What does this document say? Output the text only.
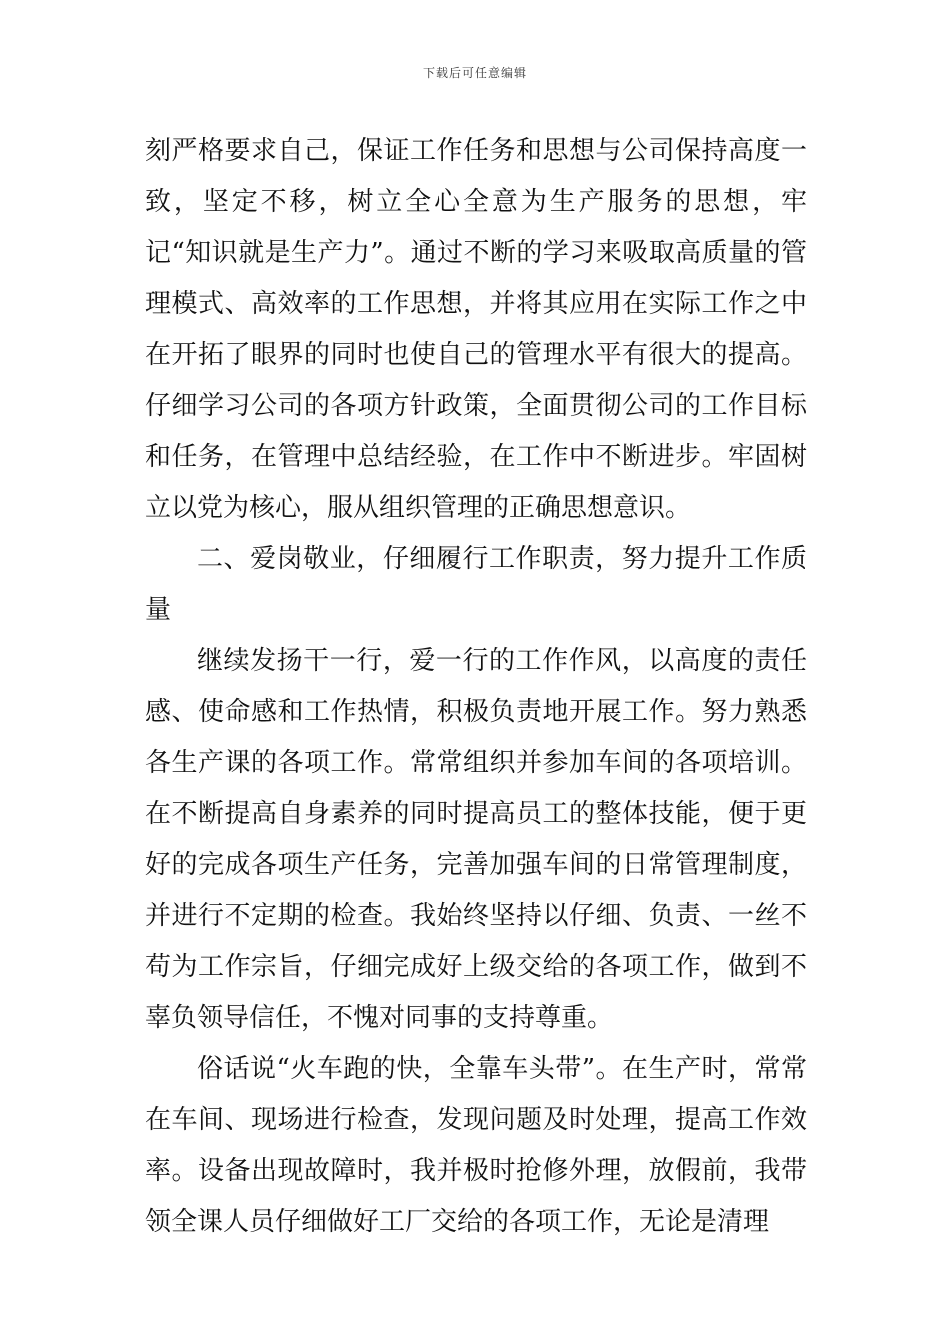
下载后可任意编辑

刻严格要求自己，保证工作任务和思想与公司保持高度一致，坚定不移，树立全心全意为生产服务的思想，牢记“知识就是生产力”。通过不断的学习来吸取高质量的管理模式、高效率的工作思想，并将其应用在实际工作之中在开拓了眼界的同时也使自己的管理水平有很大的提高。仔细学习公司的各项方针政策，全面贯彻公司的工作目标和任务，在管理中总结经验，在工作中不断进步。牢固树立以党为核心，服从组织管理的正确思想意识。

二、爱岗敬业，仔细履行工作职责，努力提升工作质量

继续发扬干一行，爱一行的工作作风，以高度的责任感、使命感和工作热情，积极负责地开展工作。努力熟悉各生产课的各项工作。常常组织并参加车间的各项培训。在不断提高自身素养的同时提高员工的整体技能，便于更好的完成各项生产任务，完善加强车间的日常管理制度，并进行不定期的检查。我始终坚持以仔细、负责、一丝不苟为工作宗旨，仔细完成好上级交给的各项工作，做到不辜负领导信任，不愧对同事的支持尊重。

俗话说“火车跑的快，全靠车头带”。在生产时，常常在车间、现场进行检查，发现问题及时处理，提高工作效率。设备出现故障时，我并极时抢修外理，放假前，我带领全课人员仔细做好工厂交给的各项工作，无论是清理
